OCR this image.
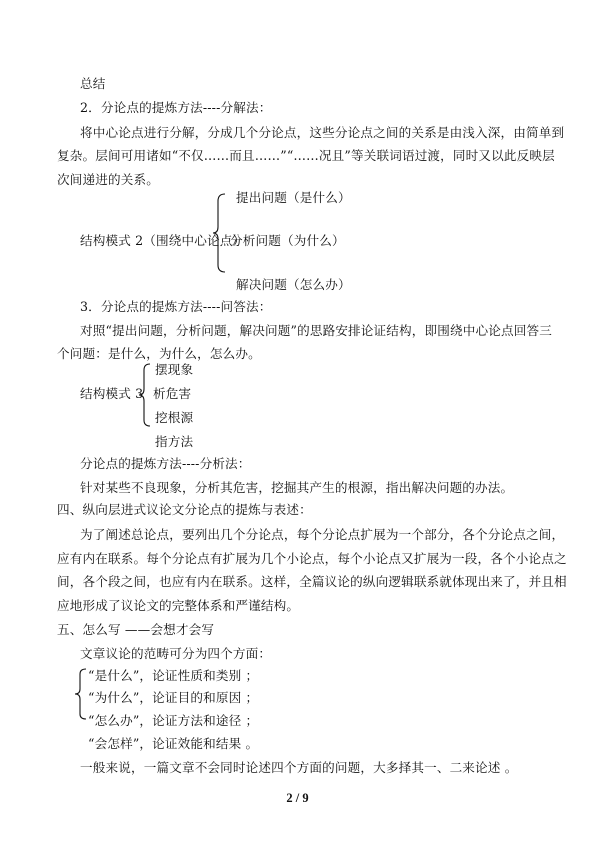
总结
2．分论点的提炼方法----分解法：
将中心论点进行分解，分成几个分论点，这些分论点之间的关系是由浅入深，由简单到
复杂。层间可用诸如“不仅……而且……”“……况且”等关联词语过渡，同时又以此反映层
次间递进的关系。
提出问题（是什么）
结构模式 2（围绕中心论点）
分析问题（为什么）
解决问题（怎么办）
3．分论点的提炼方法----问答法：
对照“提出问题，分析问题，解决问题”的思路安排论证结构，即围绕中心论点回答三
个问题：是什么，为什么，怎么办。
摆现象
结构模式 3 析危害
挖根源
指方法
分论点的提炼方法----分析法：
针对某些不良现象，分析其危害，挖掘其产生的根源，指出解决问题的办法。
四、纵向层进式议论文分论点的提炼与表述：
为了阐述总论点，要列出几个分论点，每个分论点扩展为一个部分，各个分论点之间，
应有内在联系。每个分论点有扩展为几个小论点，每个小论点又扩展为一段，各个小论点之
间，各个段之间，也应有内在联系。这样，全篇议论的纵向逻辑联系就体现出来了，并且相
应地形成了议论文的完整体系和严谨结构。
五、怎么写 ——会想才会写
文章议论的范畴可分为四个方面：
“是什么”，论证性质和类别 ；
“为什么”，论证目的和原因 ；
“怎么办”，论证方法和途径 ；
“会怎样”，论证效能和结果 。
一般来说，一篇文章不会同时论述四个方面的问题，大多择其一、二来论述 。
2 / 9
